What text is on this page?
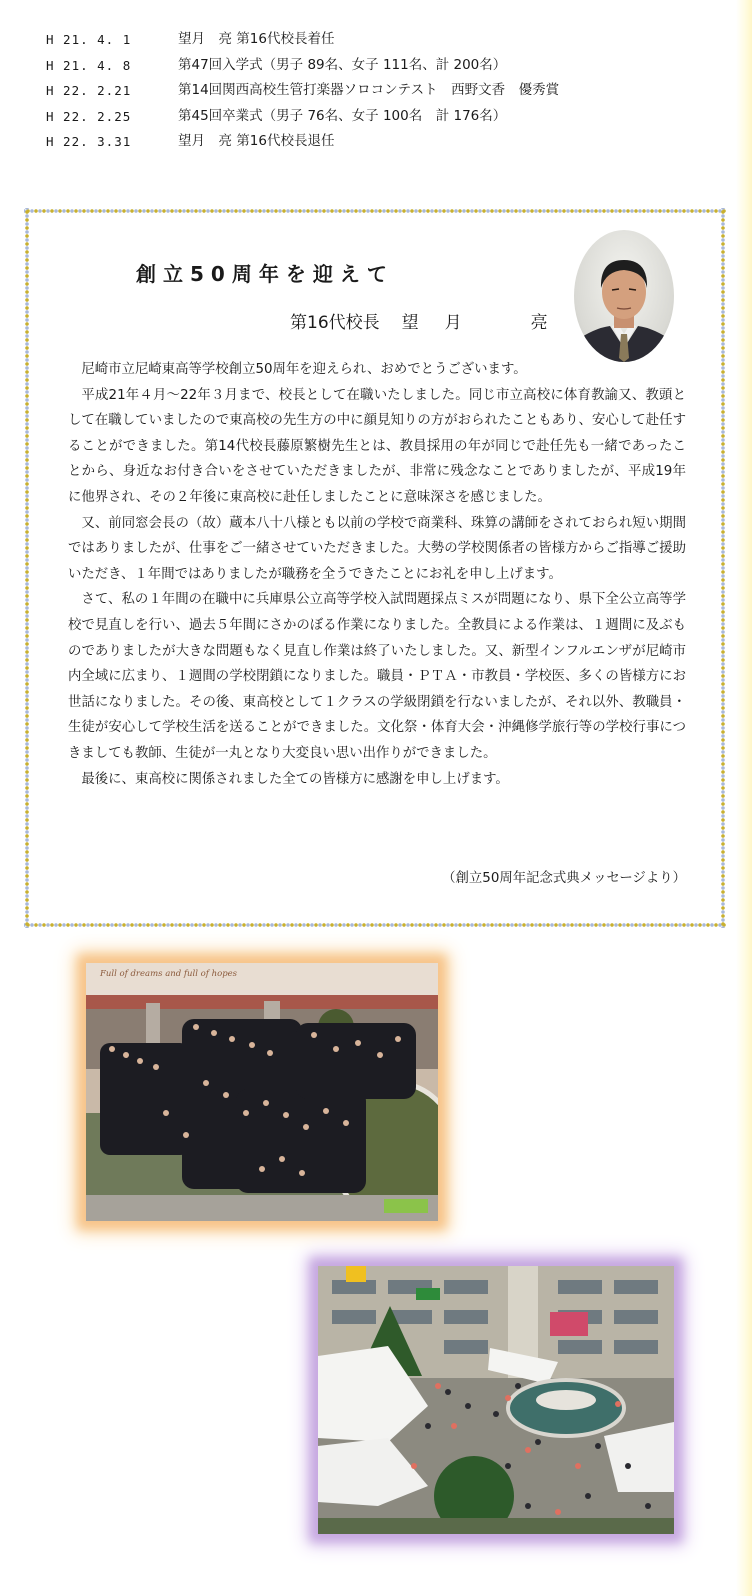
H 21. 4. 1	望月　亮 第16代校長着任
H 21. 4. 8	第47回入学式（男子 89名、女子 111名、計 200名）
H 22. 2.21	第14回関西高校生管打楽器ソロコンテスト　西野文香　優秀賞
H 22. 2.25	第45回卒業式（男子 76名、女子 100名　計 176名）
H 22. 3.31	望月　亮 第16代校長退任
創立50周年を迎えて
第16代校長 望月　亮

尼崎市立尼崎東高等学校創立50周年を迎えられ、おめでとうございます。

平成21年４月～22年３月まで、校長として在職いたしました。同じ市立高校に体育教諭又、教頭として在職していましたので東高校の先生方の中に顔見知りの方がおられたこともあり、安心して赴任することができました。第14代校長藤原繁樹先生とは、教員採用の年が同じで赴任先も一緒であったことから、身近なお付き合いをさせていただきましたが、非常に残念なことでありましたが、平成19年に他界され、その２年後に東高校に赴任しましたことに意味深さを感じました。

又、前同窓会長の（故）蔵本八十八様とも以前の学校で商業科、珠算の講師をされておられ短い期間ではありましたが、仕事をご一緒させていただきました。大勢の学校関係者の皆様方からご指導ご援助いただき、１年間ではありましたが職務を全うできたことにお礼を申し上げます。

さて、私の１年間の在職中に兵庫県公立高等学校入試問題採点ミスが問題になり、県下全公立高等学校で見直しを行い、過去５年間にさかのぼる作業になりました。全教員による作業は、１週間に及ぶものでありましたが大きな問題もなく見直し作業は終了いたしました。又、新型インフルエンザが尼崎市内全域に広まり、１週間の学校閉鎖になりました。職員・ＰＴＡ・市教員・学校医、多くの皆様方にお世話になりました。その後、東高校として１クラスの学級閉鎖を行ないましたが、それ以外、教職員・生徒が安心して学校生活を送ることができました。文化祭・体育大会・沖縄修学旅行等の学校行事につきましても教師、生徒が一丸となり大変良い思い出作りができました。

最後に、東高校に関係されました全ての皆様方に感謝を申し上げます。

（創立50周年記念式典メッセージより）
Full of dreams and full of hopes
